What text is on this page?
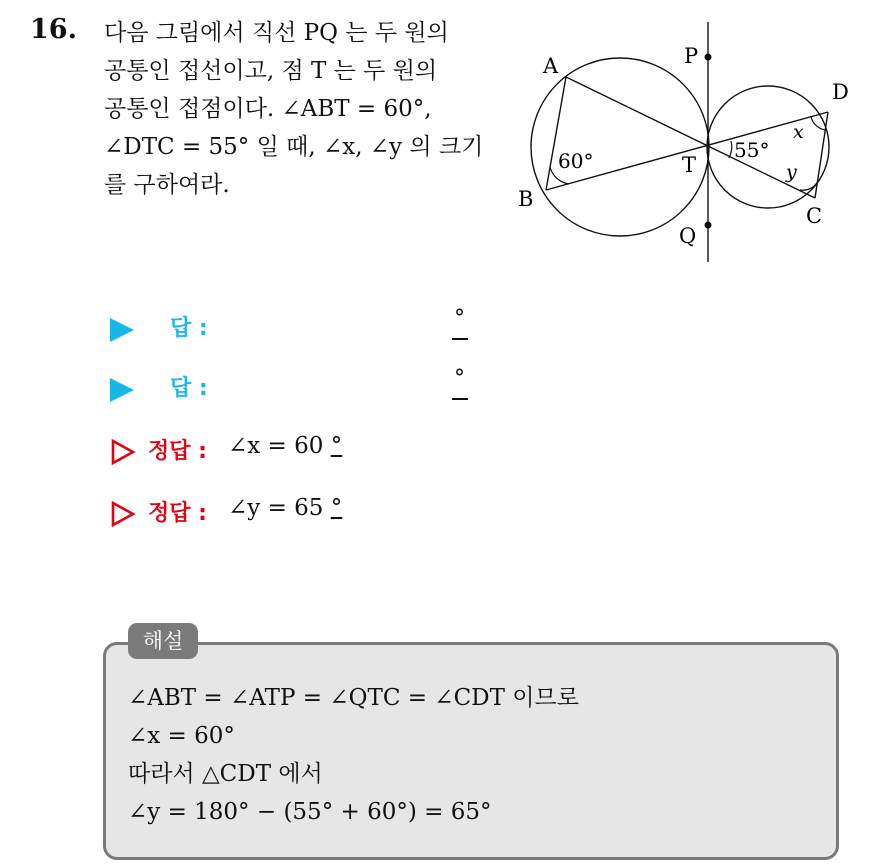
16. 다음 그림에서 직선 PQ 는 두 원의
공통인 접선이고, 점 T 는 두 원의
공통인 접점이다. ∠ABT = 60°,
∠DTC = 55° 일 때, ∠x, ∠y 의 크기
를 구하여라.

A
B
C
D
P
Q
T
60°	55°
x
y
답 :	°
답 :	°
정답 : ∠x = 60 °
정답 : ∠y = 65 °
해설

∠ABT = ∠ATP = ∠QTC = ∠CDT 이므로
∠x = 60°
따라서 △CDT 에서
∠y = 180° − (55° + 60°) = 65°
